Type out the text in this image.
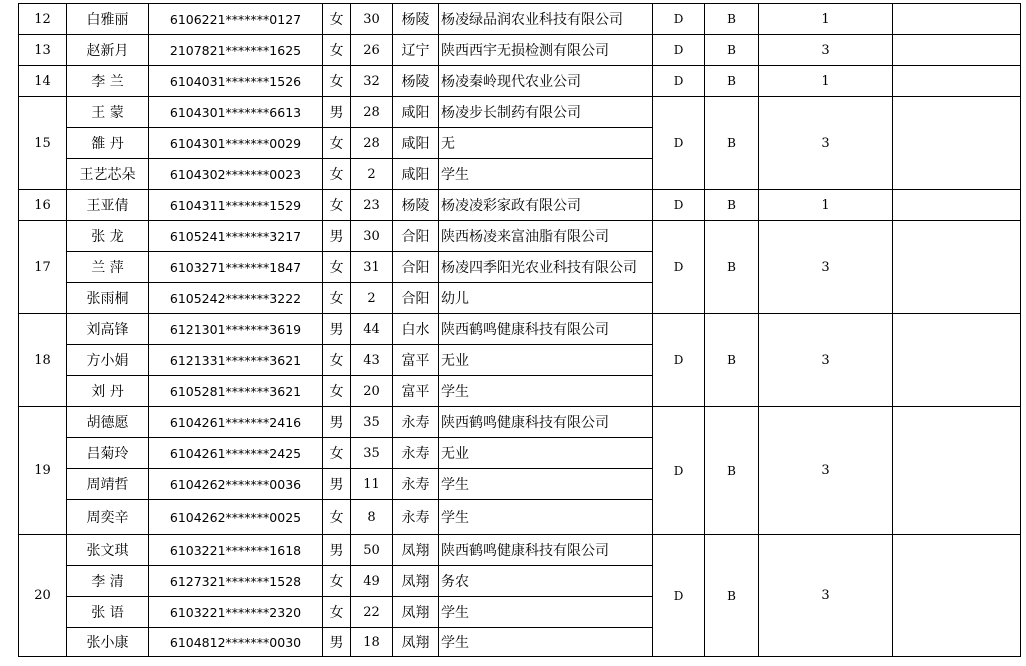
12	白雅丽	6106221*******0127	女	30	杨陵	杨凌绿品润农业科技有限公司	D	B	1	
13	赵新月	2107821*******1625	女	26	辽宁	陕西西宇无损检测有限公司	D	B	3	
14	李 兰	6104031*******1526	女	32	杨陵	杨凌秦岭现代农业公司	D	B	1	
15	王 蒙	6104301*******6613	男	28	咸阳	杨凌步长制药有限公司	D	B	3	
	雒 丹	6104301*******0029	女	28	咸阳	无				
	王艺芯朵	6104302*******0023	女	2	咸阳	学生				
16	王亚倩	6104311*******1529	女	23	杨陵	杨凌凌彩家政有限公司	D	B	1	
17	张 龙	6105241*******3217	男	30	合阳	陕西杨凌来富油脂有限公司	D	B	3	
	兰 萍	6103271*******1847	女	31	合阳	杨凌四季阳光农业科技有限公司				
	张雨桐	6105242*******3222	女	2	合阳	幼儿				
18	刘高锋	6121301*******3619	男	44	白水	陕西鹤鸣健康科技有限公司	D	B	3	
	方小娟	6121331*******3621	女	43	富平	无业				
	刘 丹	6105281*******3621	女	20	富平	学生				
19	胡德愿	6104261*******2416	男	35	永寿	陕西鹤鸣健康科技有限公司	D	B	3	
	吕菊玲	6104261*******2425	女	35	永寿	无业				
	周靖哲	6104262*******0036	男	11	永寿	学生				
	周奕辛	6104262*******0025	女	8	永寿	学生				
20	张文琪	6103221*******1618	男	50	凤翔	陕西鹤鸣健康科技有限公司	D	B	3	
	李 清	6127321*******1528	女	49	凤翔	务农				
	张 语	6103221*******2320	女	22	凤翔	学生				
	张小康	6104812*******0030	男	18	凤翔	学生				
